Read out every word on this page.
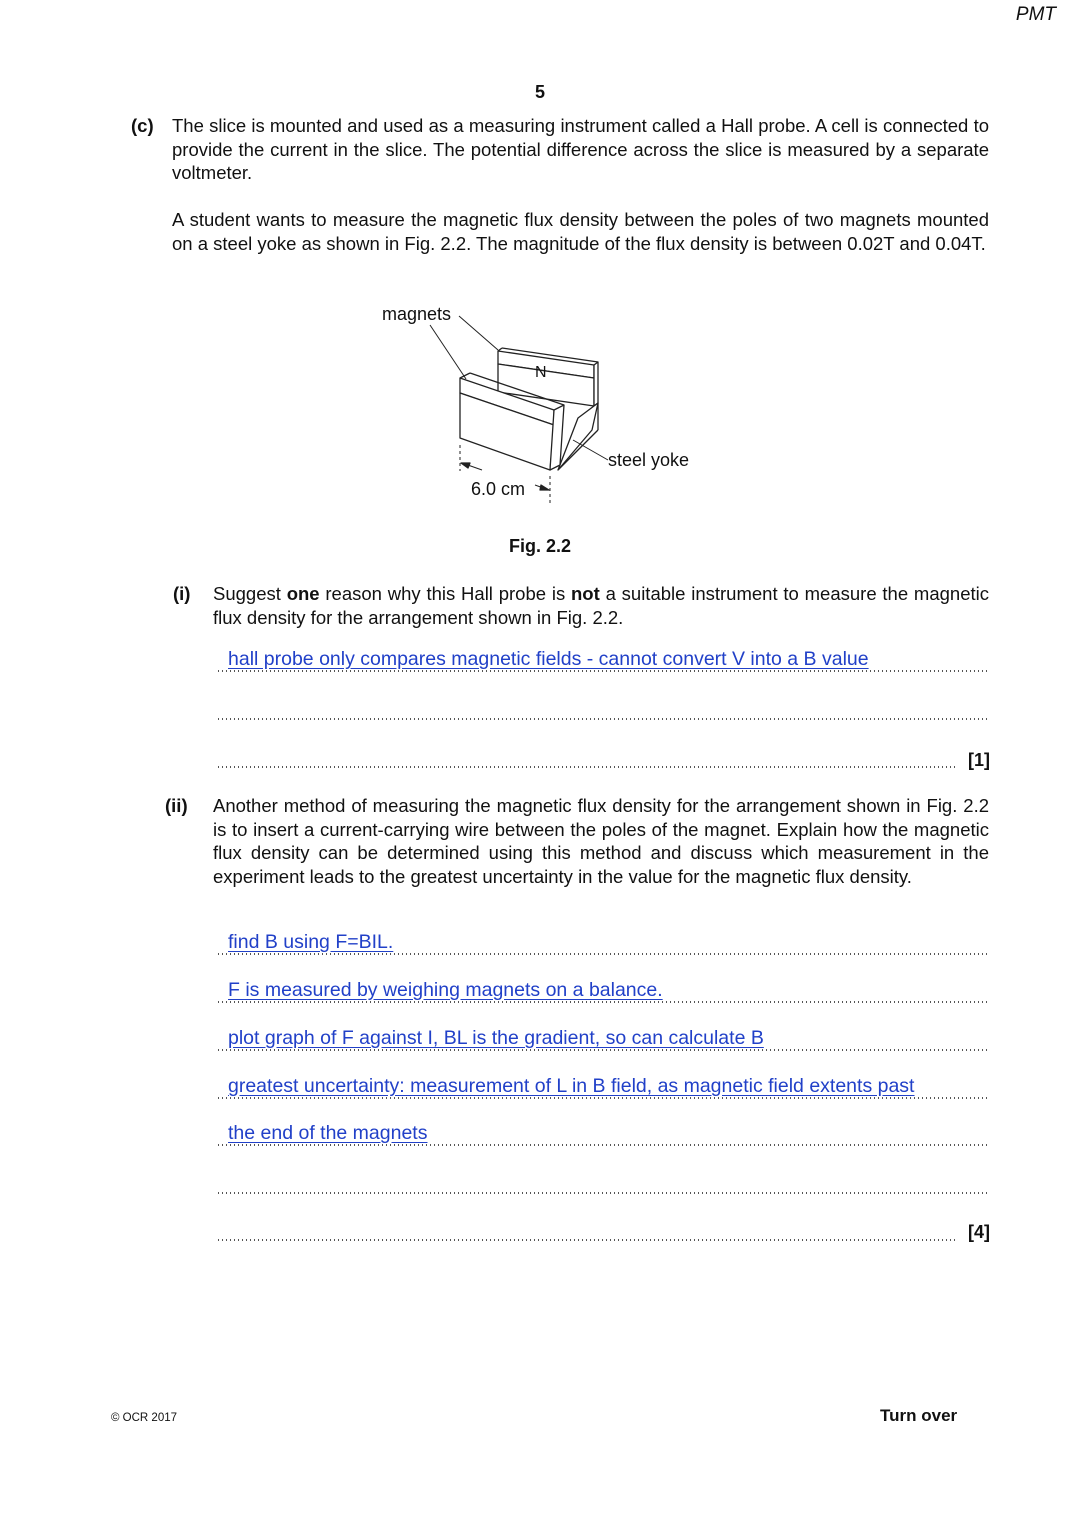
PMT
5
(c) The slice is mounted and used as a measuring instrument called a Hall probe. A cell is connected to provide the current in the slice. The potential difference across the slice is measured by a separate voltmeter.
A student wants to measure the magnetic flux density between the poles of two magnets mounted on a steel yoke as shown in Fig. 2.2. The magnitude of the flux density is between 0.02T and 0.04T.
magnets
N
steel yoke
6.0 cm
Fig. 2.2
(i) Suggest one reason why this Hall probe is not a suitable instrument to measure the magnetic flux density for the arrangement shown in Fig. 2.2.
hall probe only compares magnetic fields - cannot convert V into a B value
[1]
(ii) Another method of measuring the magnetic flux density for the arrangement shown in Fig. 2.2 is to insert a current-carrying wire between the poles of the magnet. Explain how the magnetic flux density can be determined using this method and discuss which measurement in the experiment leads to the greatest uncertainty in the value for the magnetic flux density.
find B using F=BIL.
F is measured by weighing magnets on a balance.
plot graph of F against I, BL is the gradient, so can calculate B
greatest uncertainty: measurement of L in B field, as magnetic field extents past
the end of the magnets
[4]
© OCR 2017	Turn over
